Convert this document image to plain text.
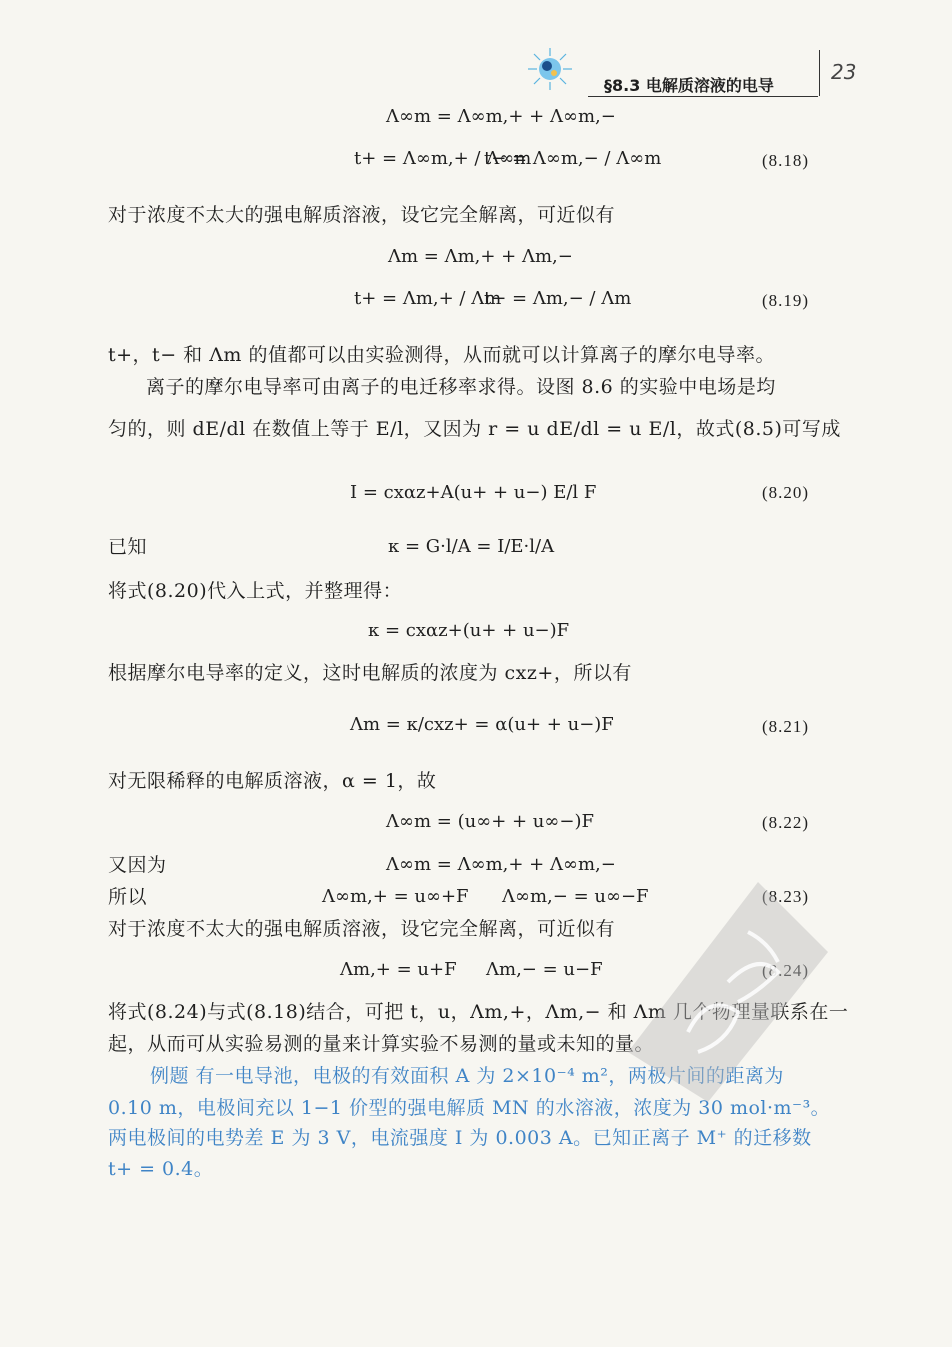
§8.3 电解质溶液的电导
23
Λ∞m = Λ∞m,+ + Λ∞m,−
t+ = Λ∞m,+ / Λ∞m
t− = Λ∞m,− / Λ∞m	(8.18)
对于浓度不太大的强电解质溶液，设它完全解离，可近似有
Λm = Λm,+ + Λm,−
t+ = Λm,+ / Λm
t− = Λm,− / Λm	(8.19)
t+，t− 和 Λm 的值都可以由实验测得，从而就可以计算离子的摩尔电导率。
离子的摩尔电导率可由离子的电迁移率求得。设图 8.6 的实验中电场是均
匀的，则 dE/dl 在数值上等于 E/l，又因为 r = u dE/dl = u E/l，故式(8.5)可写成
I = cxαz+A(u+ + u−) E/l F	(8.20)
已知	κ = G·l/A = I/E·l/A
将式(8.20)代入上式，并整理得：
κ = cxαz+(u+ + u−)F
根据摩尔电导率的定义，这时电解质的浓度为 cxz+，所以有
Λm = κ/cxz+ = α(u+ + u−)F	(8.21)
对无限稀释的电解质溶液，α = 1，故
Λ∞m = (u∞+ + u∞−)F	(8.22)
又因为	Λ∞m = Λ∞m,+ + Λ∞m,−
所以	Λ∞m,+ = u∞+F Λ∞m,− = u∞−F	(8.23)
对于浓度不太大的强电解质溶液，设它完全解离，可近似有
Λm,+ = u+F Λm,− = u−F	(8.24)
将式(8.24)与式(8.18)结合，可把 t，u，Λm,+，Λm,− 和 Λm 几个物理量联系在一
起，从而可从实验易测的量来计算实验不易测的量或未知的量。
例题 有一电导池，电极的有效面积 A 为 2×10⁻⁴ m²，两极片间的距离为
0.10 m，电极间充以 1−1 价型的强电解质 MN 的水溶液，浓度为 30 mol·m⁻³。
两电极间的电势差 E 为 3 V，电流强度 I 为 0.003 A。已知正离子 M⁺ 的迁移数
t+ = 0.4。
